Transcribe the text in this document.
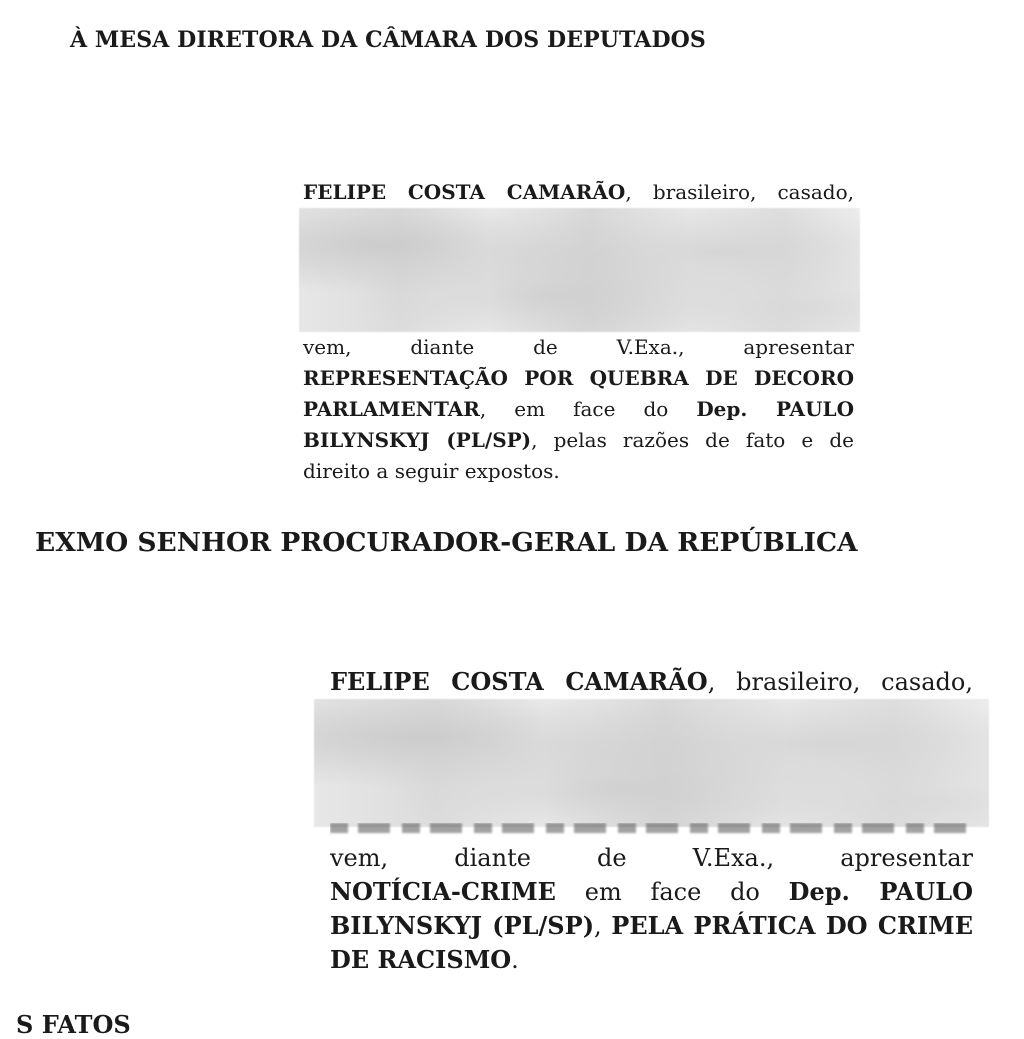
À MESA DIRETORA DA CÂMARA DOS DEPUTADOS

FELIPE COSTA CAMARÃO, brasileiro, casado,
vem, diante de V.Exa., apresentar
REPRESENTAÇÃO POR QUEBRA DE DECORO
PARLAMENTAR, em face do Dep. PAULO
BILYNSKYJ (PL/SP), pelas razões de fato e de
direito a seguir expostos.

EXMO SENHOR PROCURADOR-GERAL DA REPÚBLICA

FELIPE COSTA CAMARÃO, brasileiro, casado,
vem, diante de V.Exa., apresentar
NOTÍCIA-CRIME em face do Dep. PAULO
BILYNSKYJ (PL/SP), PELA PRÁTICA DO CRIME
DE RACISMO.

S FATOS
